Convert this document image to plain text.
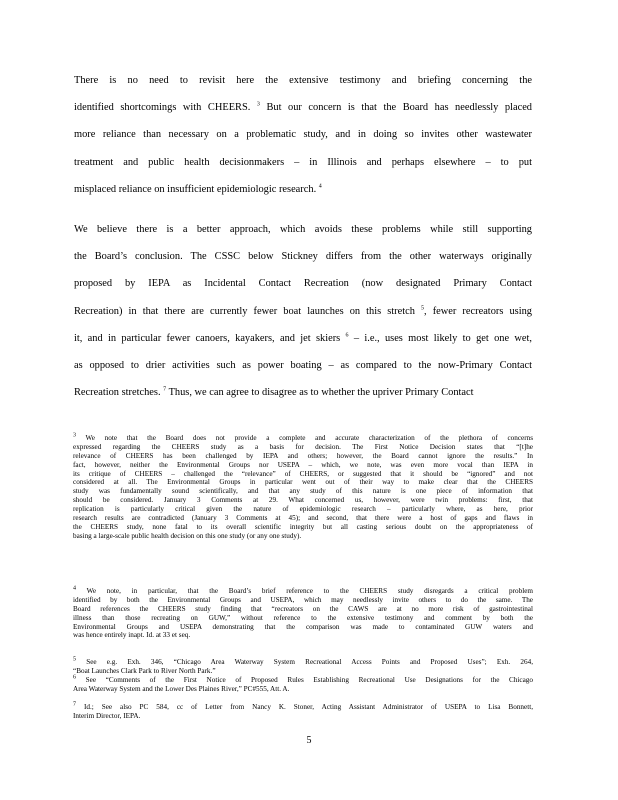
There is no need to revisit here the extensive testimony and briefing concerning the
identified shortcomings with CHEERS. $^3$ But our concern is that the Board has needlessly placed
more reliance than necessary on a problematic study, and in doing so invites other wastewater
treatment and public health decisionmakers – in Illinois and perhaps elsewhere – to put
misplaced reliance on insufficient epidemiologic research. $^4$
We believe there is a better approach, which avoids these problems while still supporting
the Board’s conclusion. The CSSC below Stickney differs from the other waterways originally
proposed by IEPA as Incidental Contact Recreation (now designated Primary Contact
Recreation) in that there are currently fewer boat launches on this stretch $^5$, fewer recreators using
it, and in particular fewer canoers, kayakers, and jet skiers $^6$ – i.e., uses most likely to get one wet,
as opposed to drier activities such as power boating – as compared to the now-Primary Contact
Recreation stretches. $^7$ Thus, we can agree to disagree as to whether the upriver Primary Contact
$^3$ We note that the Board does not provide a complete and accurate characterization of the plethora of concerns
expressed regarding the CHEERS study as a basis for decision. The First Notice Decision states that “[t]he
relevance of CHEERS has been challenged by IEPA and others; however, the Board cannot ignore the results.” In
fact, however, neither the Environmental Groups nor USEPA – which, we note, was even more vocal than IEPA in
its critique of CHEERS – challenged the “relevance” of CHEERS, or suggested that it should be “ignored” and not
considered at all. The Environmental Groups in particular went out of their way to make clear that the CHEERS
study was fundamentally sound scientifically, and that any study of this nature is one piece of information that
should be considered. January 3 Comments at 29. What concerned us, however, were twin problems: first, that
replication is particularly critical given the nature of epidemiologic research – particularly where, as here, prior
research results are contradicted (January 3 Comments at 45); and second, that there were a host of gaps and flaws in
the CHEERS study, none fatal to its overall scientific integrity but all casting serious doubt on the appropriateness of
basing a large-scale public health decision on this one study (or any one study).
$^4$ We note, in particular, that the Board’s brief reference to the CHEERS study disregards a critical problem
identified by both the Environmental Groups and USEPA, which may needlessly invite others to do the same. The
Board references the CHEERS study finding that “recreators on the CAWS are at no more risk of gastrointestinal
illness than those recreating on GUW,” without reference to the extensive testimony and comment by both the
Environmental Groups and USEPA demonstrating that the comparison was made to contaminated GUW waters and
was hence entirely inapt. Id. at 33 et seq.
$^5$ See e.g. Exh. 346, “Chicago Area Waterway System Recreational Access Points and Proposed Uses”; Exh. 264,
“Boat Launches Clark Park to River North Park.”
$^6$ See “Comments of the First Notice of Proposed Rules Establishing Recreational Use Designations for the Chicago
Area Waterway System and the Lower Des Plaines River,” PC#555, Att. A.
$^7$ Id.; See also PC 584, cc of Letter from Nancy K. Stoner, Acting Assistant Administrator of USEPA to Lisa Bonnett,
Interim Director, IEPA.
5
